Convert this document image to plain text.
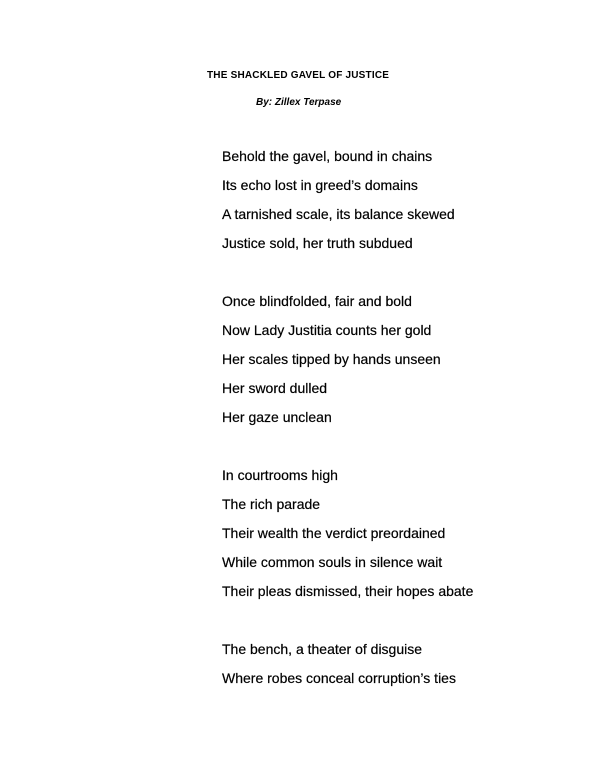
THE SHACKLED GAVEL OF JUSTICE
By: Zillex Terpase
Behold the gavel, bound in chains
Its echo lost in greed’s domains
A tarnished scale, its balance skewed
Justice sold, her truth subdued
Once blindfolded, fair and bold
Now Lady Justitia counts her gold
Her scales tipped by hands unseen
Her sword dulled
Her gaze unclean
In courtrooms high
The rich parade
Their wealth the verdict preordained
While common souls in silence wait
Their pleas dismissed, their hopes abate
The bench, a theater of disguise
Where robes conceal corruption’s ties
